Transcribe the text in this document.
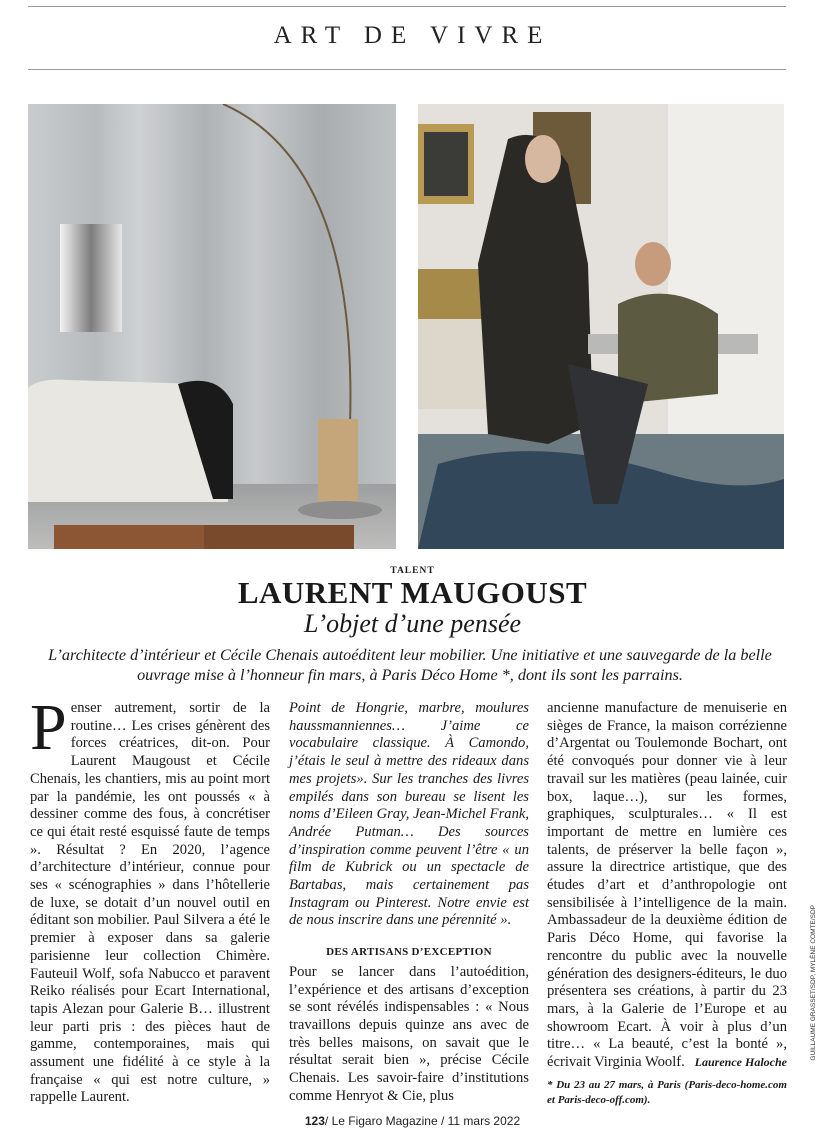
ART DE VIVRE
GUILLAUME GRASSET/SDP, MYLÈNE COMTE/SDP
TALENT
LAURENT MAUGOUST
L’objet d’une pensée
L’architecte d’intérieur et Cécile Chenais autoéditent leur mobilier. Une initiative et une sauvegarde de la belle ouvrage mise à l’honneur fin mars, à Paris Déco Home *, dont ils sont les parrains.

Penser autrement, sortir de la routine… Les crises génèrent des forces créatrices, dit-on. Pour Laurent Maugoust et Cécile Chenais, les chantiers, mis au point mort par la pandémie, les ont poussés « à dessiner comme des fous, à concrétiser ce qui était resté esquissé faute de temps ». Résultat ? En 2020, l’agence d’architecture d’intérieur, connue pour ses « scénographies » dans l’hôtellerie de luxe, se dotait d’un nouvel outil en éditant son mobilier. Paul Silvera a été le premier à exposer dans sa galerie parisienne leur collection Chimère. Fauteuil Wolf, sofa Nabucco et paravent Reiko réalisés pour Ecart International, tapis Alezan pour Galerie B… illustrent leur parti pris : des pièces haut de gamme, contemporaines, mais qui assument une fidélité à ce style à la française « qui est notre culture, » rappelle Laurent.

Point de Hongrie, marbre, moulures haussmanniennes… J’aime ce vocabulaire classique. À Camondo, j’étais le seul à mettre des rideaux dans mes projets». Sur les tranches des livres empilés dans son bureau se lisent les noms d’Eileen Gray, Jean-Michel Frank, Andrée Putman… Des sources d’inspiration comme peuvent l’être « un film de Kubrick ou un spectacle de Bartabas, mais certainement pas Instagram ou Pinterest. Notre envie est de nous inscrire dans une pérennité ».

DES ARTISANS D’EXCEPTION

Pour se lancer dans l’autoédition, l’expérience et des artisans d’exception se sont révélés indispensables : « Nous travaillons depuis quinze ans avec de très belles maisons, on savait que le résultat serait bien », précise Cécile Chenais. Les savoir-faire d’institutions comme Henryot & Cie, plus

ancienne manufacture de menuiserie en sièges de France, la maison corrézienne d’Argentat ou Toulemonde Bochart, ont été convoqués pour donner vie à leur travail sur les matières (peau lainée, cuir box, laque…), sur les formes, graphiques, sculpturales… « Il est important de mettre en lumière ces talents, de préserver la belle façon », assure la directrice artistique, que des études d’art et d’anthropologie ont sensibilisée à l’intelligence de la main. Ambassadeur de la deuxième édition de Paris Déco Home, qui favorise la rencontre du public avec la nouvelle génération des designers-éditeurs, le duo présentera ses créations, à partir du 23 mars, à la Galerie de l’Europe et au showroom Ecart. À voir à plus d’un titre… « La beauté, c’est la bonté », écrivait Virginia Woolf. Laurence Haloche

* Du 23 au 27 mars, à Paris (Paris-deco-home.com et Paris-deco-off.com).

123/ Le Figaro Magazine / 11 mars 2022
